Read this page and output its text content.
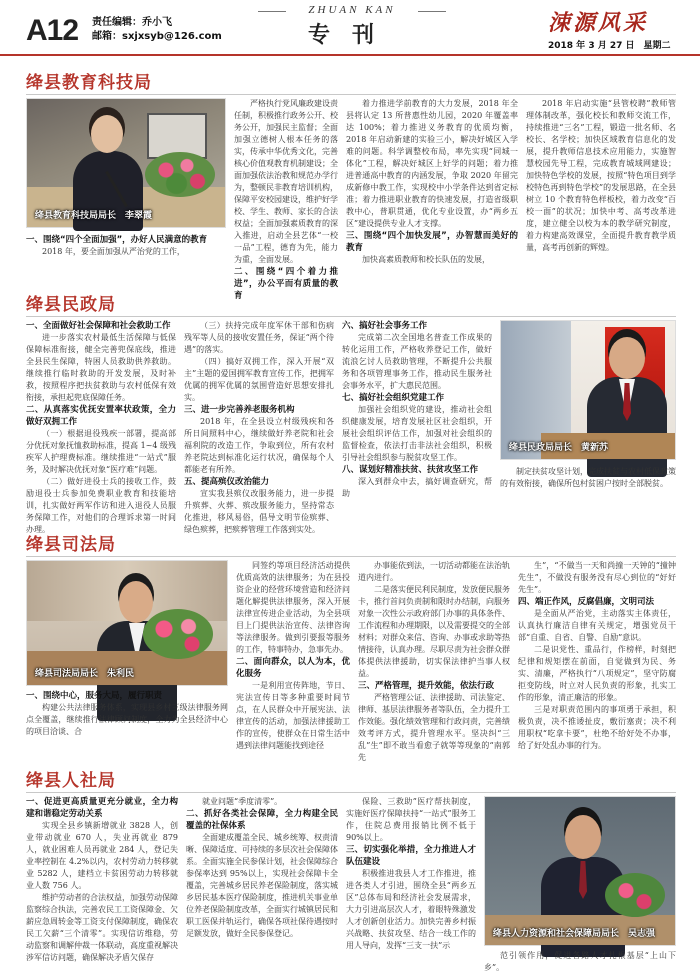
A12 责任编辑：乔小飞
邮箱：sxjxsyb@126.com
ZHUAN KAN
专刊	涑源风采
2018 年 3 月 27 日　星期二
绛县教育科技局
绛县教育科技局局长　李翠霞

一、围绕“四个全面加强”，办好人民满意的教育

2018 年，要全面加强从严治党的工作，

严格执行党风廉政建设责任制，积极推行政务公开、校务公开，加强民主监督；全面加强立德树人根本任务的落实，传承中华优秀文化，完善核心价值观教育机制建设；全面加强依法治教和规范办学行为，整顿民非教育培训机构，保障平安校园建设，维护好学校、学生、教师、家长的合法权益；全面加强素质教育的深入推进，启动全县艺体“一校一品”工程，德育为先，能力为重，全面发展。

二、围绕“四个着力推进”，办公平而有质量的教育

着力推进学前教育的大力发展，2018 年全县将认定 13 所普惠性幼儿园，2020 年覆盖率达 100%；着力推进义务教育的优质均衡，2018 年启动新建的实验三小，解决好城区入学难的问题。科学调整校布局，率先实现“同城一体化”工程，解决好城区上好学的问题；着力推进普通高中教育的内涵发展，争取 2020 年留完成新修中教工作，实现校中小学条件达到省定标准；着力推进职业教育的快速发展，打造省级职教中心，普职贯通，优化专业设置，办“两乡五区”建设提供专业人才支撑。

三、围绕“四个加快发展”，办智慧而美好的教育

加快高素质教师和校长队伍的发展，

2018 年启动实施“县管校聘”教师管理体制改革，强化校长和教师交流工作，持续推进“三名”工程，锻造一批名师、名校长、名学校；加快区域教育信息化的发展，提升教师信息技术应用能力，实施智慧校园先导工程，完成教育城域网建设；加快特色学校的发展，按照“特色项目到学校特色再到特色学校”的发展思路，在全县树立 10 个教育特色样板校，着力改变“百校一面”的状况；加快中考、高考改革进度，建立健全以校为本的教学研究制度，着力构建高效课堂，全面提升教育教学质量，高考再创新的辉煌。

绛县民政局

一、全面做好社会保障和社会救助工作

进一步落实农村最低生活保障与低保保障标准衔接，健全完善兜保底线，推进全县民生保障，特困人员救助供养救助。继续推行临时救助的开发发展，及时补救，按照程序把扶贫救助与农村低保有效衔接，承担起兜底保障任务。

二、从真落实优抚安置率状政策，全力做好双拥工作

（一）根据退役残疾一部署，提高部分优抚对象抚恤救助标准，提高 1~4 级残疾军人护理费标准。继续推进“一站式”服务，及时解决优抚对象“医疗难”问题。

（二）做好进役士兵的接收工作，鼓励退役士兵参加免费职业教育和技能培训，扎实做好两军作访和进入退役人员服务保障工作，对他们的合理诉求第一时间办理。

（三）扶持完成年度军休干部和伤病残军等人员的接收安置任务，保证“两个待遇”的落实。

（四）搞好双拥工作，深入开展“双主”主题的爱国拥军教育宣传工作，把拥军优属的拥军优属的氛围营造好思想安排扎实。

三、进一步完善养老服务机构

2018 年，在全县设立村级残疾和各所日间照料中心，继续做好养老院和社会福利院的改造工作，争取到位，所有农村养老院达到标准化运行状况，确保每个人都能老有所养。

五、提高殡仪改治能力

宣实我县殡仪改服务能力，进一步提升殡葬、火葬、殡改服务能力，坚持常态化推进，移风易俗，倡导文明节俭殡葬、绿色殡葬，把殡葬管理工作落到实处。

六、搞好社会事务工作

完成第二次全国地名普查工作成果的转化运用工作，严格收养登记工作，做好流浪乞讨人员救助管理，不断提升公共服务和各项管理事务工作，推动民生服务社会事务水平，扩大惠民范围。

七、搞好社会组织党建工作

加强社会组织党的建设，推动社会组织健康发展，培育发展社区社会组织，开展社会组织评估工作，加强对社会组织的监督检查，依法打击非法社会组织，积极引导社会组织参与脱贫攻坚工作。

八、谋划好精准扶贫、扶贫攻坚工作

深入到群众中去，搞好调查研究，帮助

绛县民政局局长　黄新苏

制定扶贫攻坚计划，完成扶贫与农村低保政策的有效衔接，确保所包村贫困户按时全部脱贫。

绛县司法局
绛县司法局局长　朱利民

一、围绕中心，服务大局，履行职责

构建公共法律服务体系，实现县乡村三级法律服务网点全覆盖，继续推行法律顾问制度，全力为全县经济中心的项目洽谈、合

同签约等项目经济活动提供优质高效的法律服务；为在县投资企业的经营环境营造和经济问题化解提供法律服务，深入开展法律宣传进企业活动，为全县项目上门提供法治宣传、法律咨询等法律服务。做到引要报等服务的工作，特事特办，急事先办。

二、面向群众，以人为本，优化服务

一是利用宣传阵地，节日、宪法宣传日等多种重要时间节点，在人民群众中开展宪法、法律宣传的活动，加强法律援助工作的宣传，使群众在日常生活中遇到法律问题能找到途径

办事能依到法，一切活动都能在法治轨道内进行。

二是落实便民利民制度，发放便民服务卡，推行首问负责制和限时办结制，向服务对象一次性公示政府部门办事的具体条件、工作流程和办理期限，以及需要提交的全部材料；对群众来信、咨询、办事或求助等热情接待，认真办理。尽职尽责为社会群众群体提供法律援助，切实保法律护当事人权益。

三、严格管理，提升效能，依法行政

严格管理公证、法律援助、司法鉴定、律师、基层法律服务者等队伍，全力提升工作效能。强化绩效管理和行政问责，完善绩效考评方式，提升管理水平。坚决纠“三乱”生”即不敢当看愈子就等等现象的“南郭先

生”，“不做当一天和尚撞一天钟的“撞钟先生”，不做没有服务没有尽心到位的“好好先生”。

四、端正作风，反腐倡廉，文明司法

是全面从严治党，主动落实主体责任，认真执行廉洁自律有关规定，增强党员干部“自重、自省、自警、自励”意识。

二是识党性、重品行，作榜样，时刻把纪律和规矩摆在前面，自觉做到为民、务实、清廉，严格执行“八项规定”，坚守防腐拒变防线，时立对人民负责的形象，扎实工作的形象，清正廉洁的形象。

三是对职责范围内的事项勇于承担，积极负责，决不推诿扯皮，敷衍塞责；决不利用职权“吃拿卡要”，杜绝不给好处不办事，给了好处乱办事的行为。

绛县人社局

一、促进更高质量更充分就业，全力构建和谐稳定劳动关系

实现全县乡镇新增就业 3828 人，创业带动就业 670 人，失业再就业 879 人，就业困难人员再就业 284 人，登记失业率控制在 4.2%以内，农村劳动力转移就业 5282 人，建档立卡贫困劳动力转移就业人数 756 人。

维护劳动者的合法权益，加强劳动保障监察综合执法，完善农民工工资保障金、欠薪应急周转金等工资支付保障制度，确保农民工欠薪“三个清零”。实现信访维稳，劳动监察和调解仲裁一体联动，高度重视解决涉军信访问题，确保解决矛盾欠保存

就业问题“季度清零”。

二、抓好各类社会保障，全力构建全民覆盖的社保体系

全面建成覆盖全民、城乡统筹、权责清晰、保障适度、可持续的多层次社会保障体系。全面实施全民参保计划，社会保障综合参保率达到 95%以上，实现社会保障卡全覆盖，完善城乡居民养老保险制度，落实城乡居民基本医疗保险制度，推进机关事业单位养老保险制度改革，全面实行城镇居民和职工医保并轨运行，确保各项社保待遇按时足额发放，做好全民参保登记。

保险、三救助”医疗帮扶制度，实施好医疗保障扶持“一站式”服务工作，住院总费用报销比例不低于 90%以上。

三、切实强化举措，全力推进人才队伍建设

积极推进我县人才工作推进，推进各类人才引进，围绕全县“两乡五区”总体布局和经济社会发展需求，大力引进高层次人才，着眼特殊激发人才创新创业活力。加快完善乡村振兴战略、扶贫攻坚、结合一线工作的用人导向，发挥“三支一扶”示

绛县人力资源和社会保障局局长　吴志强

范引领作用，促进各路人才扎根基层“上山下乡”。
